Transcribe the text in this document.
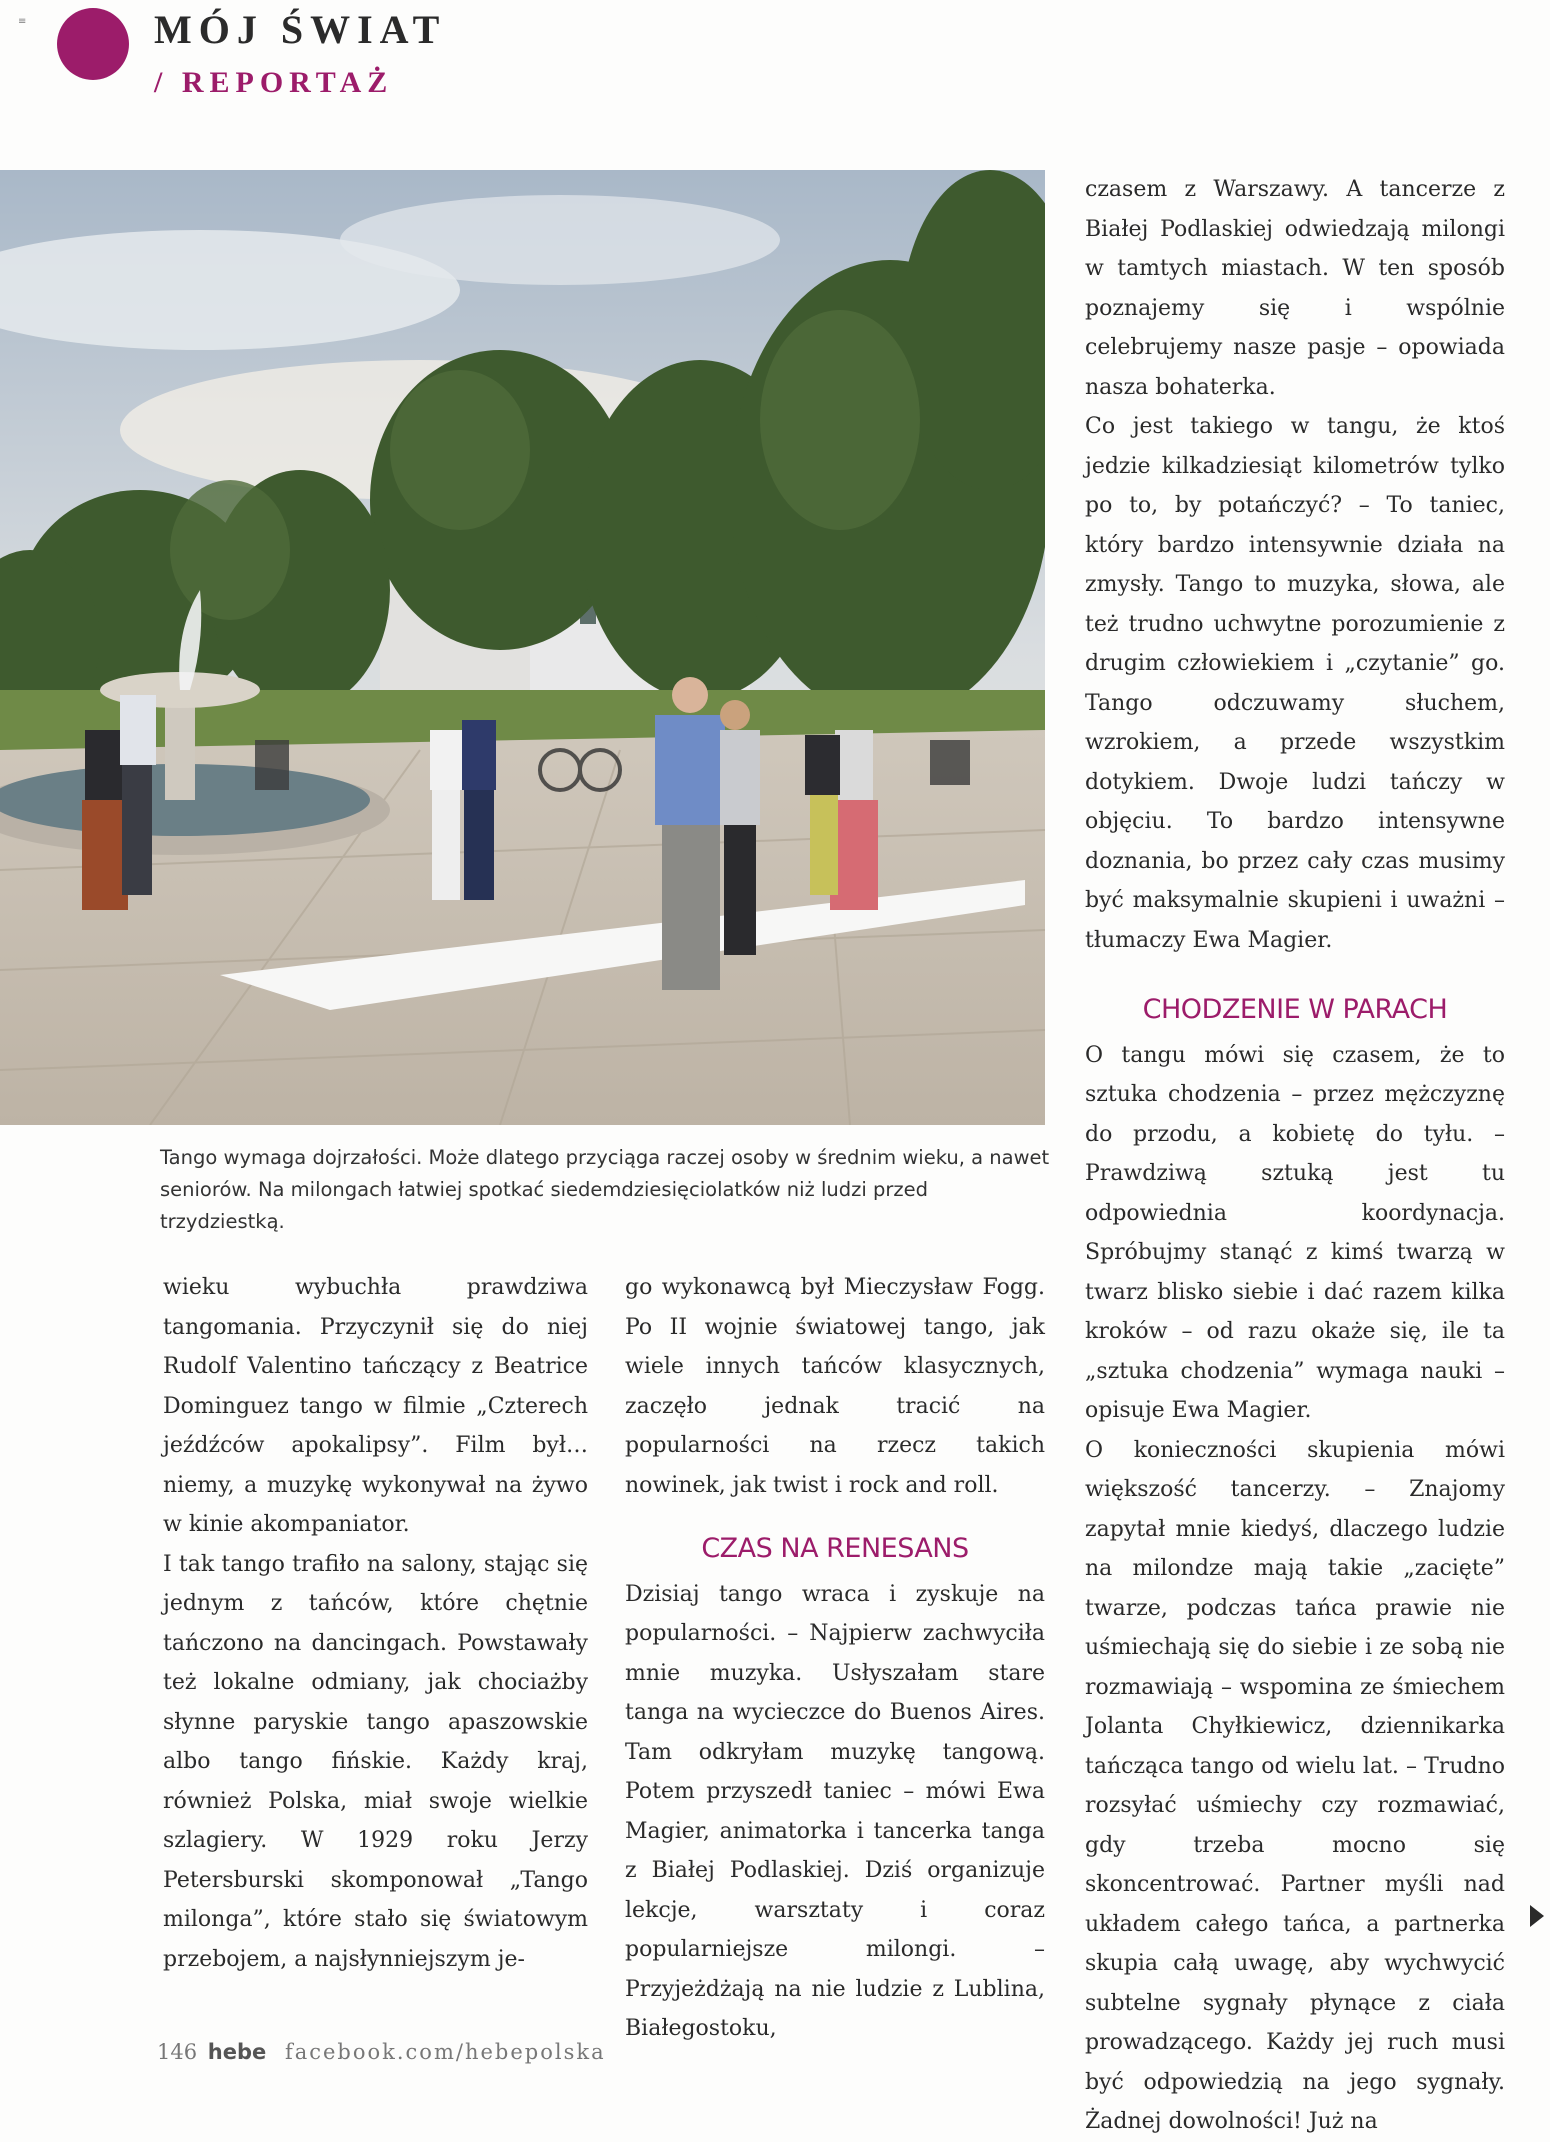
≡	MÓJ ŚWIAT
/ REPORTAŻ

Tango wymaga dojrzałości. Może dlatego przyciąga raczej osoby w średnim wieku, a nawet seniorów. Na milongach łatwiej spotkać siedemdziesięciolatków niż ludzi przed trzydziestką.

wieku wybuchła prawdziwa tangomania. Przyczynił się do niej Rudolf Valentino tańczący z Beatrice Dominguez tango w filmie „Czterech jeźdźców apokalipsy”. Film był… niemy, a muzykę wykonywał na żywo w kinie akompaniator.

I tak tango trafiło na salony, stając się jednym z tańców, które chętnie tańczono na dancingach. Powstawały też lokalne odmiany, jak chociażby słynne paryskie tango apaszowskie albo tango fińskie. Każdy kraj, również Polska, miał swoje wielkie szlagiery. W 1929 roku Jerzy Petersburski skomponował „Tango milonga”, które stało się światowym przebojem, a najsłynniejszym je-

go wykonawcą był Mieczysław Fogg. Po II wojnie światowej tango, jak wiele innych tańców klasycznych, zaczęło jednak tracić na popularności na rzecz takich nowinek, jak twist i rock and roll.

CZAS NA RENESANS

Dzisiaj tango wraca i zyskuje na popularności. – Najpierw zachwyciła mnie muzyka. Usłyszałam stare tanga na wycieczce do Buenos Aires. Tam odkryłam muzykę tangową. Potem przyszedł taniec – mówi Ewa Magier, animatorka i tancerka tanga z Białej Podlaskiej. Dziś organizuje lekcje, warsztaty i coraz popularniejsze milongi. – Przyjeżdżają na nie ludzie z Lublina, Białegostoku,

czasem z Warszawy. A tancerze z Białej Podlaskiej odwiedzają milongi w tamtych miastach. W ten sposób poznajemy się i wspólnie celebrujemy nasze pasje – opowiada nasza bohaterka.

Co jest takiego w tangu, że ktoś jedzie kilkadziesiąt kilometrów tylko po to, by potańczyć? – To taniec, który bardzo intensywnie działa na zmysły. Tango to muzyka, słowa, ale też trudno uchwytne porozumienie z drugim człowiekiem i „czytanie” go. Tango odczuwamy słuchem, wzrokiem, a przede wszystkim dotykiem. Dwoje ludzi tańczy w objęciu. To bardzo intensywne doznania, bo przez cały czas musimy być maksymalnie skupieni i uważni – tłumaczy Ewa Magier.

CHODZENIE W PARACH

O tangu mówi się czasem, że to sztuka chodzenia – przez mężczyznę do przodu, a kobietę do tyłu. – Prawdziwą sztuką jest tu odpowiednia koordynacja. Spróbujmy stanąć z kimś twarzą w twarz blisko siebie i dać razem kilka kroków – od razu okaże się, ile ta „sztuka chodzenia” wymaga nauki – opisuje Ewa Magier.

O konieczności skupienia mówi większość tancerzy. – Znajomy zapytał mnie kiedyś, dlaczego ludzie na milondze mają takie „zacięte” twarze, podczas tańca prawie nie uśmiechają się do siebie i ze sobą nie rozmawiają – wspomina ze śmiechem Jolanta Chyłkiewicz, dziennikarka tańcząca tango od wielu lat. – Trudno rozsyłać uśmiechy czy rozmawiać, gdy trzeba mocno się skoncentrować. Partner myśli nad układem całego tańca, a partnerka skupia całą uwagę, aby wychwycić subtelne sygnały płynące z ciała prowadzącego. Każdy jej ruch musi być odpowiedzią na jego sygnały. Żadnej dowolności! Już na

146 hebe facebook.com/hebepolska
